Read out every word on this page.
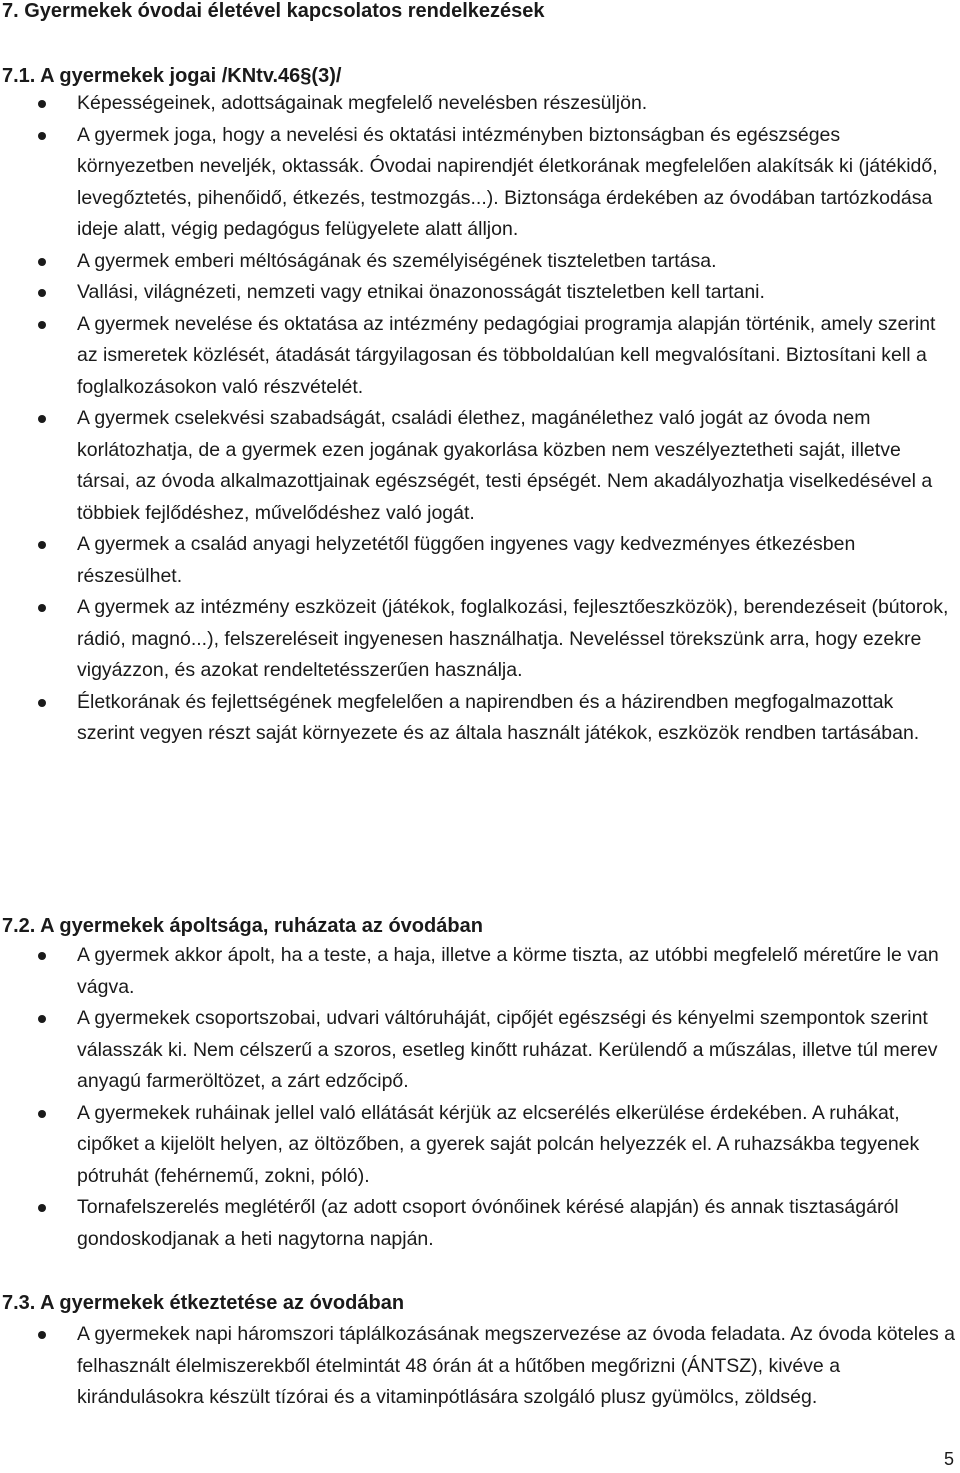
7. Gyermekek óvodai életével kapcsolatos rendelkezések
7.1. A gyermekek jogai /KNtv.46§(3)/
Képességeinek, adottságainak megfelelő nevelésben részesüljön.
A gyermek joga, hogy a nevelési és oktatási intézményben biztonságban és egészséges környezetben neveljék, oktassák. Óvodai napirendjét életkorának megfelelően alakítsák ki (játékidő, levegőztetés, pihenőidő, étkezés, testmozgás...). Biztonsága érdekében az óvodában tartózkodása ideje alatt, végig pedagógus felügyelete alatt álljon.
A gyermek emberi méltóságának és személyiségének tiszteletben tartása.
Vallási, világnézeti, nemzeti vagy etnikai önazonosságát tiszteletben kell tartani.
A gyermek nevelése és oktatása az intézmény pedagógiai programja alapján történik, amely szerint az ismeretek közlését, átadását tárgyilagosan és többoldalúan kell megvalósítani. Biztosítani kell a foglalkozásokon való részvételét.
A gyermek cselekvési szabadságát, családi élethez, magánélethez való jogát az óvoda nem korlátozhatja, de a gyermek ezen jogának gyakorlása közben nem veszélyeztetheti saját, illetve társai, az óvoda alkalmazottjainak egészségét, testi épségét. Nem akadályozhatja viselkedésével a többiek fejlődéshez, művelődéshez való jogát.
A gyermek a család anyagi helyzetétől függően ingyenes vagy kedvezményes étkezésben részesülhet.
A gyermek az intézmény eszközeit (játékok, foglalkozási, fejlesztőeszközök), berendezéseit (bútorok, rádió, magnó...), felszereléseit ingyenesen használhatja. Neveléssel törekszünk arra, hogy ezekre vigyázzon, és azokat rendeltetésszerűen használja.
Életkorának és fejlettségének megfelelően a napirendben és a házirendben megfogalmazottak szerint vegyen részt saját környezete és az általa használt játékok, eszközök rendben tartásában.
7.2. A gyermekek ápoltsága, ruházata az óvodában
A gyermek akkor ápolt, ha a teste, a haja, illetve a körme tiszta, az utóbbi megfelelő méretűre le van vágva.
A gyermekek csoportszobai, udvari váltóruháját, cipőjét egészségi és kényelmi szempontok szerint válasszák ki. Nem célszerű a szoros, esetleg kinőtt ruházat. Kerülendő a műszálas, illetve túl merev anyagú farmeröltözet, a zárt edzőcipő.
A gyermekek ruháinak jellel való ellátását kérjük az elcserélés elkerülése érdekében. A ruhákat, cipőket a kijelölt helyen, az öltözőben, a gyerek saját polcán helyezzék el. A ruhazsákba tegyenek pótruhát (fehérnemű, zokni, póló).
Tornafelszerelés meglétéről (az adott csoport óvónőinek kérésé alapján) és annak tisztaságáról gondoskodjanak a heti nagytorna napján.
7.3. A gyermekek étkeztetése az óvodában
A gyermekek napi háromszori táplálkozásának megszervezése az óvoda feladata. Az óvoda köteles a felhasznált élelmiszerekből ételmintát 48 órán át a hűtőben megőrizni (ÁNTSZ), kivéve a kirándulásokra készült tízórai és a vitaminpótlására szolgáló plusz gyümölcs, zöldség.
5
